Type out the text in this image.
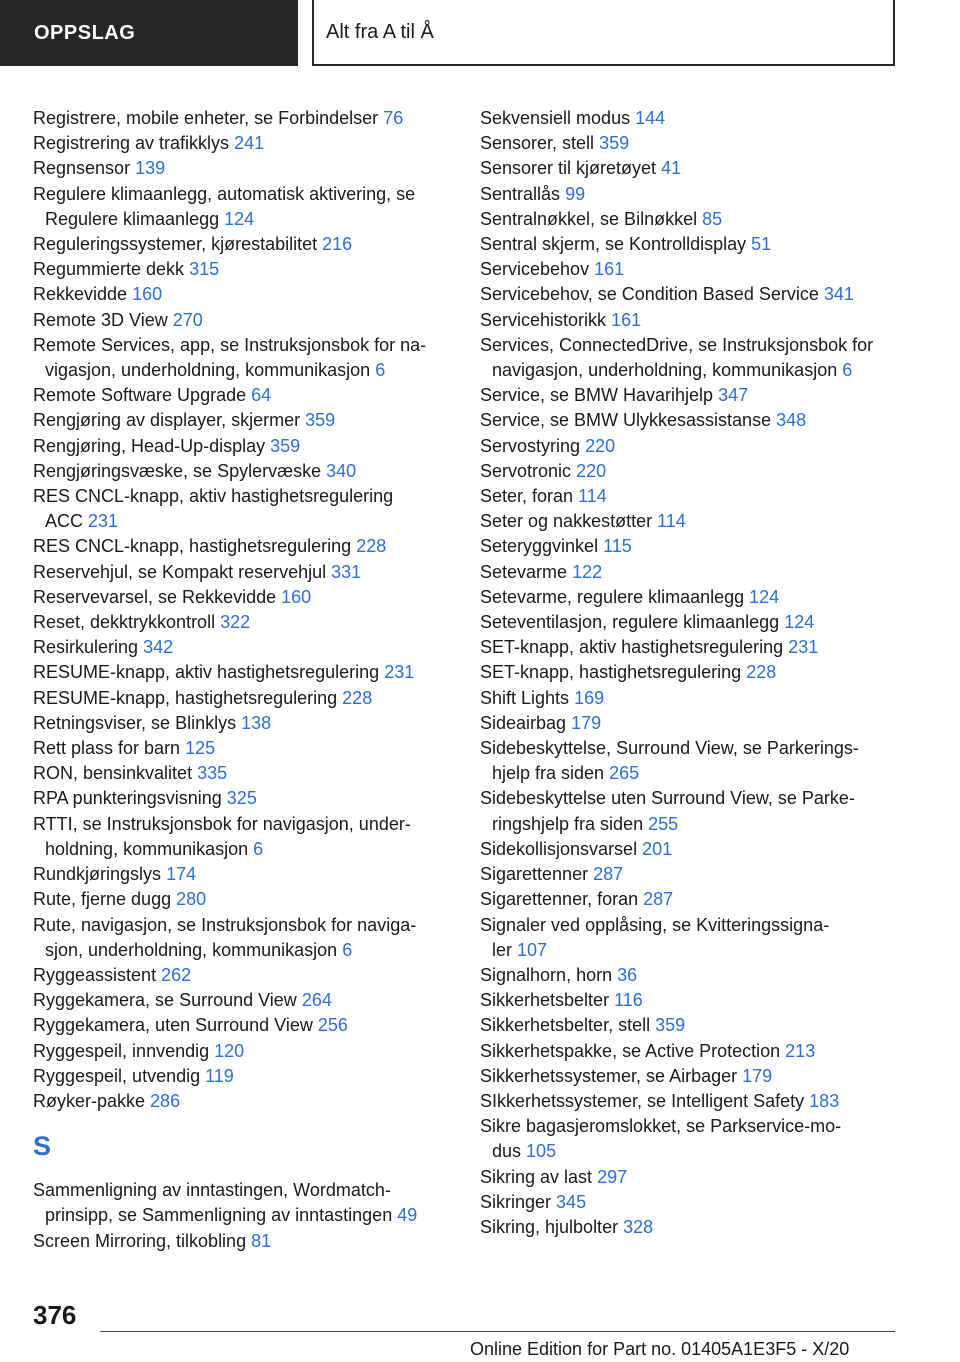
OPPSLAG	Alt fra A til Å
Registrere, mobile enheter, se Forbindelser 76
Registrering av trafikklys 241
Regnsensor 139
Regulere klimaanlegg, automatisk aktivering, se
Regulere klimaanlegg 124
Reguleringssystemer, kjørestabilitet 216
Regummierte dekk 315
Rekkevidde 160
Remote 3D View 270
Remote Services, app, se Instruksjonsbok for na-
vigasjon, underholdning, kommunikasjon 6
Remote Software Upgrade 64
Rengjøring av displayer, skjermer 359
Rengjøring, Head-Up-display 359
Rengjøringsvæske, se Spylervæske 340
RES CNCL-knapp, aktiv hastighetsregulering
ACC 231
RES CNCL-knapp, hastighetsregulering 228
Reservehjul, se Kompakt reservehjul 331
Reservevarsel, se Rekkevidde 160
Reset, dekktrykkontroll 322
Resirkulering 342
RESUME-knapp, aktiv hastighetsregulering 231
RESUME-knapp, hastighetsregulering 228
Retningsviser, se Blinklys 138
Rett plass for barn 125
RON, bensinkvalitet 335
RPA punkteringsvisning 325
RTTI, se Instruksjonsbok for navigasjon, under-
holdning, kommunikasjon 6
Rundkjøringslys 174
Rute, fjerne dugg 280
Rute, navigasjon, se Instruksjonsbok for naviga-
sjon, underholdning, kommunikasjon 6
Ryggeassistent 262
Ryggekamera, se Surround View 264
Ryggekamera, uten Surround View 256
Ryggespeil, innvendig 120
Ryggespeil, utvendig 119
Røyker-pakke 286
S
Sammenligning av inntastingen, Wordmatch-
prinsipp, se Sammenligning av inntastingen 49
Screen Mirroring, tilkobling 81
Sekvensiell modus 144
Sensorer, stell 359
Sensorer til kjøretøyet 41
Sentrallås 99
Sentralnøkkel, se Bilnøkkel 85
Sentral skjerm, se Kontrolldisplay 51
Servicebehov 161
Servicebehov, se Condition Based Service 341
Servicehistorikk 161
Services, ConnectedDrive, se Instruksjonsbok for
navigasjon, underholdning, kommunikasjon 6
Service, se BMW Havarihjelp 347
Service, se BMW Ulykkesassistanse 348
Servostyring 220
Servotronic 220
Seter, foran 114
Seter og nakkestøtter 114
Seteryggvinkel 115
Setevarme 122
Setevarme, regulere klimaanlegg 124
Seteventilasjon, regulere klimaanlegg 124
SET-knapp, aktiv hastighetsregulering 231
SET-knapp, hastighetsregulering 228
Shift Lights 169
Sideairbag 179
Sidebeskyttelse, Surround View, se Parkerings-
hjelp fra siden 265
Sidebeskyttelse uten Surround View, se Parke-
ringshjelp fra siden 255
Sidekollisjonsvarsel 201
Sigarettenner 287
Sigarettenner, foran 287
Signaler ved opplåsing, se Kvitteringssigna-
ler 107
Signalhorn, horn 36
Sikkerhetsbelter 116
Sikkerhetsbelter, stell 359
Sikkerhetspakke, se Active Protection 213
Sikkerhetssystemer, se Airbager 179
SIkkerhetssystemer, se Intelligent Safety 183
Sikre bagasjeromslokket, se Parkservice-mo-
dus 105
Sikring av last 297
Sikringer 345
Sikring, hjulbolter 328
376
Online Edition for Part no. 01405A1E3F5 - X/20
